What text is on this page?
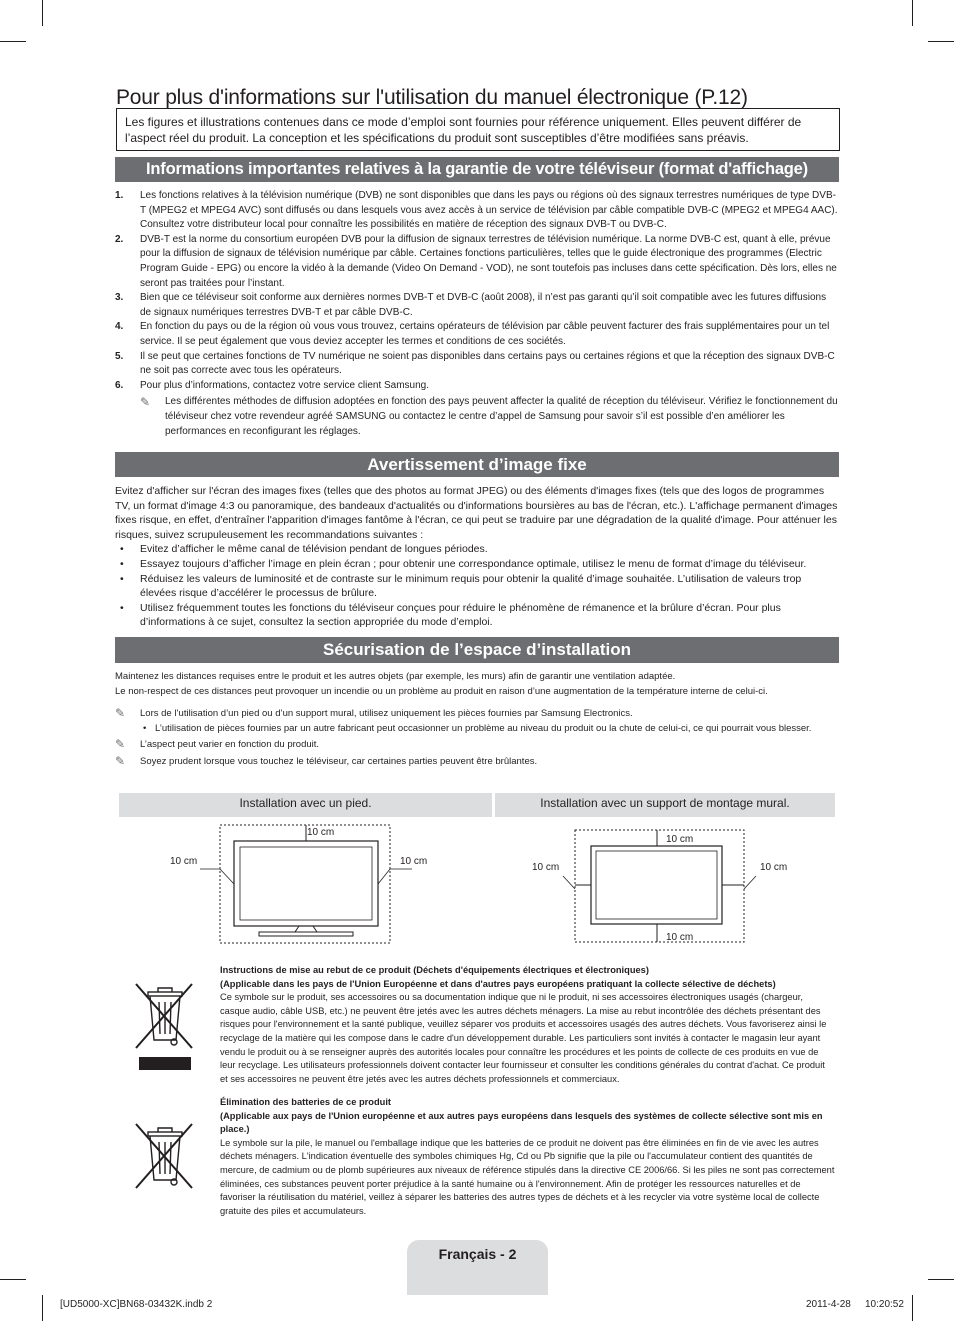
Pour plus d'informations sur l'utilisation du manuel électronique (P.12)
Les figures et illustrations contenues dans ce mode d’emploi sont fournies pour référence uniquement. Elles peuvent différer de l’aspect réel du produit. La conception et les spécifications du produit sont susceptibles d’être modifiées sans préavis.
Informations importantes relatives à la garantie de votre téléviseur (format d'affichage)
1. Les fonctions relatives à la télévision numérique (DVB) ne sont disponibles que dans les pays ou régions où des signaux terrestres numériques de type DVB-T (MPEG2 et MPEG4 AVC) sont diffusés ou dans lesquels vous avez accès à un service de télévision par câble compatible DVB-C (MPEG2 et MPEG4 AAC). Consultez votre distributeur local pour connaître les possibilités en matière de réception des signaux DVB-T ou DVB-C.
2. DVB-T est la norme du consortium européen DVB pour la diffusion de signaux terrestres de télévision numérique. La norme DVB-C est, quant à elle, prévue pour la diffusion de signaux de télévision numérique par câble. Certaines fonctions particulières, telles que le guide électronique des programmes (Electric Program Guide - EPG) ou encore la vidéo à la demande (Video On Demand - VOD), ne sont toutefois pas incluses dans cette spécification. Dès lors, elles ne seront pas traitées pour l’instant.
3. Bien que ce téléviseur soit conforme aux dernières normes DVB-T et DVB-C (août 2008), il n’est pas garanti qu’il soit compatible avec les futures diffusions de signaux numériques terrestres DVB-T et par câble DVB-C.
4. En fonction du pays ou de la région où vous vous trouvez, certains opérateurs de télévision par câble peuvent facturer des frais supplémentaires pour un tel service. Il se peut également que vous deviez accepter les termes et conditions de ces sociétés.
5. Il se peut que certaines fonctions de TV numérique ne soient pas disponibles dans certains pays ou certaines régions et que la réception des signaux DVB-C ne soit pas correcte avec tous les opérateurs.
6. Pour plus d’informations, contactez votre service client Samsung.
✎ Les différentes méthodes de diffusion adoptées en fonction des pays peuvent affecter la qualité de réception du téléviseur. Vérifiez le fonctionnement du téléviseur chez votre revendeur agréé SAMSUNG ou contactez le centre d’appel de Samsung pour savoir s’il est possible d’en améliorer les performances en reconfigurant les réglages.
Avertissement d’image fixe
Evitez d'afficher sur l'écran des images fixes (telles que des photos au format JPEG) ou des éléments d'images fixes (tels que des logos de programmes TV, un format d'image 4:3 ou panoramique, des bandeaux d'actualités ou d'informations boursières au bas de l'écran, etc.). L'affichage permanent d'images fixes risque, en effet, d'entraîner l'apparition d'images fantôme à l'écran, ce qui peut se traduire par une dégradation de la qualité d'image. Pour atténuer les risques, suivez scrupuleusement les recommandations suivantes :
• Evitez d’afficher le même canal de télévision pendant de longues périodes.
• Essayez toujours d’afficher l’image en plein écran ; pour obtenir une correspondance optimale, utilisez le menu de format d’image du téléviseur.
• Réduisez les valeurs de luminosité et de contraste sur le minimum requis pour obtenir la qualité d’image souhaitée. L’utilisation de valeurs trop élevées risque d’accélérer le processus de brûlure.
• Utilisez fréquemment toutes les fonctions du téléviseur conçues pour réduire le phénomène de rémanence et la brûlure d’écran. Pour plus d’informations à ce sujet, consultez la section appropriée du mode d’emploi.
Sécurisation de l’espace d’installation
Maintenez les distances requises entre le produit et les autres objets (par exemple, les murs) afin de garantir une ventilation adaptée.
Le non-respect de ces distances peut provoquer un incendie ou un problème au produit en raison d’une augmentation de la température interne de celui-ci.
✎ Lors de l’utilisation d’un pied ou d’un support mural, utilisez uniquement les pièces fournies par Samsung Electronics.
• L’utilisation de pièces fournies par un autre fabricant peut occasionner un problème au niveau du produit ou la chute de celui-ci, ce qui pourrait vous blesser.
✎ L’aspect peut varier en fonction du produit.
✎ Soyez prudent lorsque vous touchez le téléviseur, car certaines parties peuvent être brûlantes.
Installation avec un pied.	Installation avec un support de montage mural.
10 cm
10 cm	10 cm
10 cm
10 cm	10 cm
10 cm
Instructions de mise au rebut de ce produit (Déchets d'équipements électriques et électroniques)
(Applicable dans les pays de l'Union Européenne et dans d'autres pays européens pratiquant la collecte sélective de déchets)
Ce symbole sur le produit, ses accessoires ou sa documentation indique que ni le produit, ni ses accessoires électroniques usagés (chargeur, casque audio, câble USB, etc.) ne peuvent être jetés avec les autres déchets ménagers. La mise au rebut incontrôlée des déchets présentant des risques pour l'environnement et la santé publique, veuillez séparer vos produits et accessoires usagés des autres déchets. Vous favoriserez ainsi le recyclage de la matière qui les compose dans le cadre d'un développement durable. Les particuliers sont invités à contacter le magasin leur ayant vendu le produit ou à se renseigner auprès des autorités locales pour connaître les procédures et les points de collecte de ces produits en vue de leur recyclage. Les utilisateurs professionnels doivent contacter leur fournisseur et consulter les conditions générales du contrat d'achat. Ce produit et ses accessoires ne peuvent être jetés avec les autres déchets professionnels et commerciaux.
Élimination des batteries de ce produit
(Applicable aux pays de l'Union européenne et aux autres pays européens dans lesquels des systèmes de collecte sélective sont mis en place.)
Le symbole sur la pile, le manuel ou l'emballage indique que les batteries de ce produit ne doivent pas être éliminées en fin de vie avec les autres déchets ménagers. L'indication éventuelle des symboles chimiques Hg, Cd ou Pb signifie que la pile ou l'accumulateur contient des quantités de mercure, de cadmium ou de plomb supérieures aux niveaux de référence stipulés dans la directive CE 2006/66. Si les piles ne sont pas correctement éliminées, ces substances peuvent porter préjudice à la santé humaine ou à l'environnement. Afin de protéger les ressources naturelles et de favoriser la réutilisation du matériel, veillez à séparer les batteries des autres types de déchets et à les recycler via votre système local de collecte gratuite des piles et accumulateurs.
Français - 2
[UD5000-XC]BN68-03432K.indb 2	2011-4-28 10:20:52
